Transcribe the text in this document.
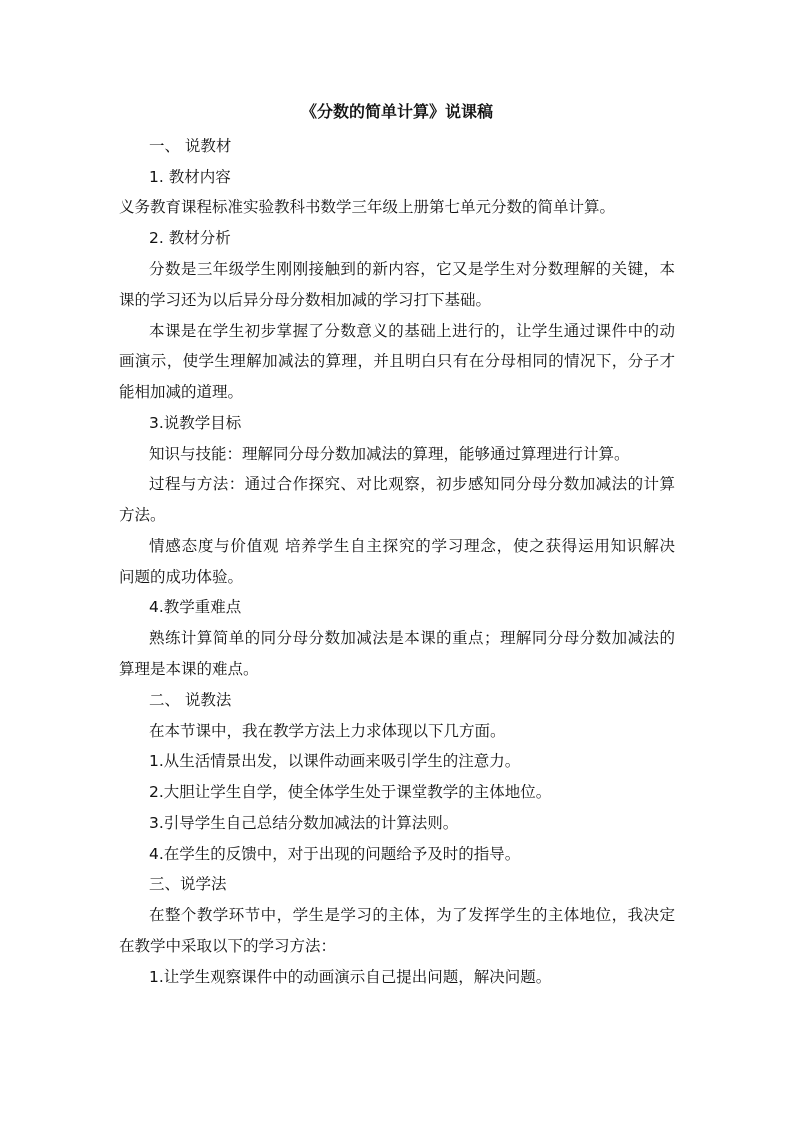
《分数的简单计算》说课稿
一、 说教材
1. 教材内容
义务教育课程标准实验教科书数学三年级上册第七单元分数的简单计算。
2. 教材分析
分数是三年级学生刚刚接触到的新内容，它又是学生对分数理解的关键，本
课的学习还为以后异分母分数相加减的学习打下基础。
本课是在学生初步掌握了分数意义的基础上进行的，让学生通过课件中的动
画演示，使学生理解加减法的算理，并且明白只有在分母相同的情况下，分子才
能相加减的道理。
3.说教学目标
知识与技能：理解同分母分数加减法的算理，能够通过算理进行计算。
过程与方法：通过合作探究、对比观察，初步感知同分母分数加减法的计算
方法。
情感态度与价值观 培养学生自主探究的学习理念，使之获得运用知识解决
问题的成功体验。
4.教学重难点
熟练计算简单的同分母分数加减法是本课的重点；理解同分母分数加减法的
算理是本课的难点。
二、 说教法
在本节课中，我在教学方法上力求体现以下几方面。
1.从生活情景出发，以课件动画来吸引学生的注意力。
2.大胆让学生自学，使全体学生处于课堂教学的主体地位。
3.引导学生自己总结分数加减法的计算法则。
4.在学生的反馈中，对于出现的问题给予及时的指导。
三、说学法
在整个教学环节中，学生是学习的主体，为了发挥学生的主体地位，我决定
在教学中采取以下的学习方法：
1.让学生观察课件中的动画演示自己提出问题，解决问题。
